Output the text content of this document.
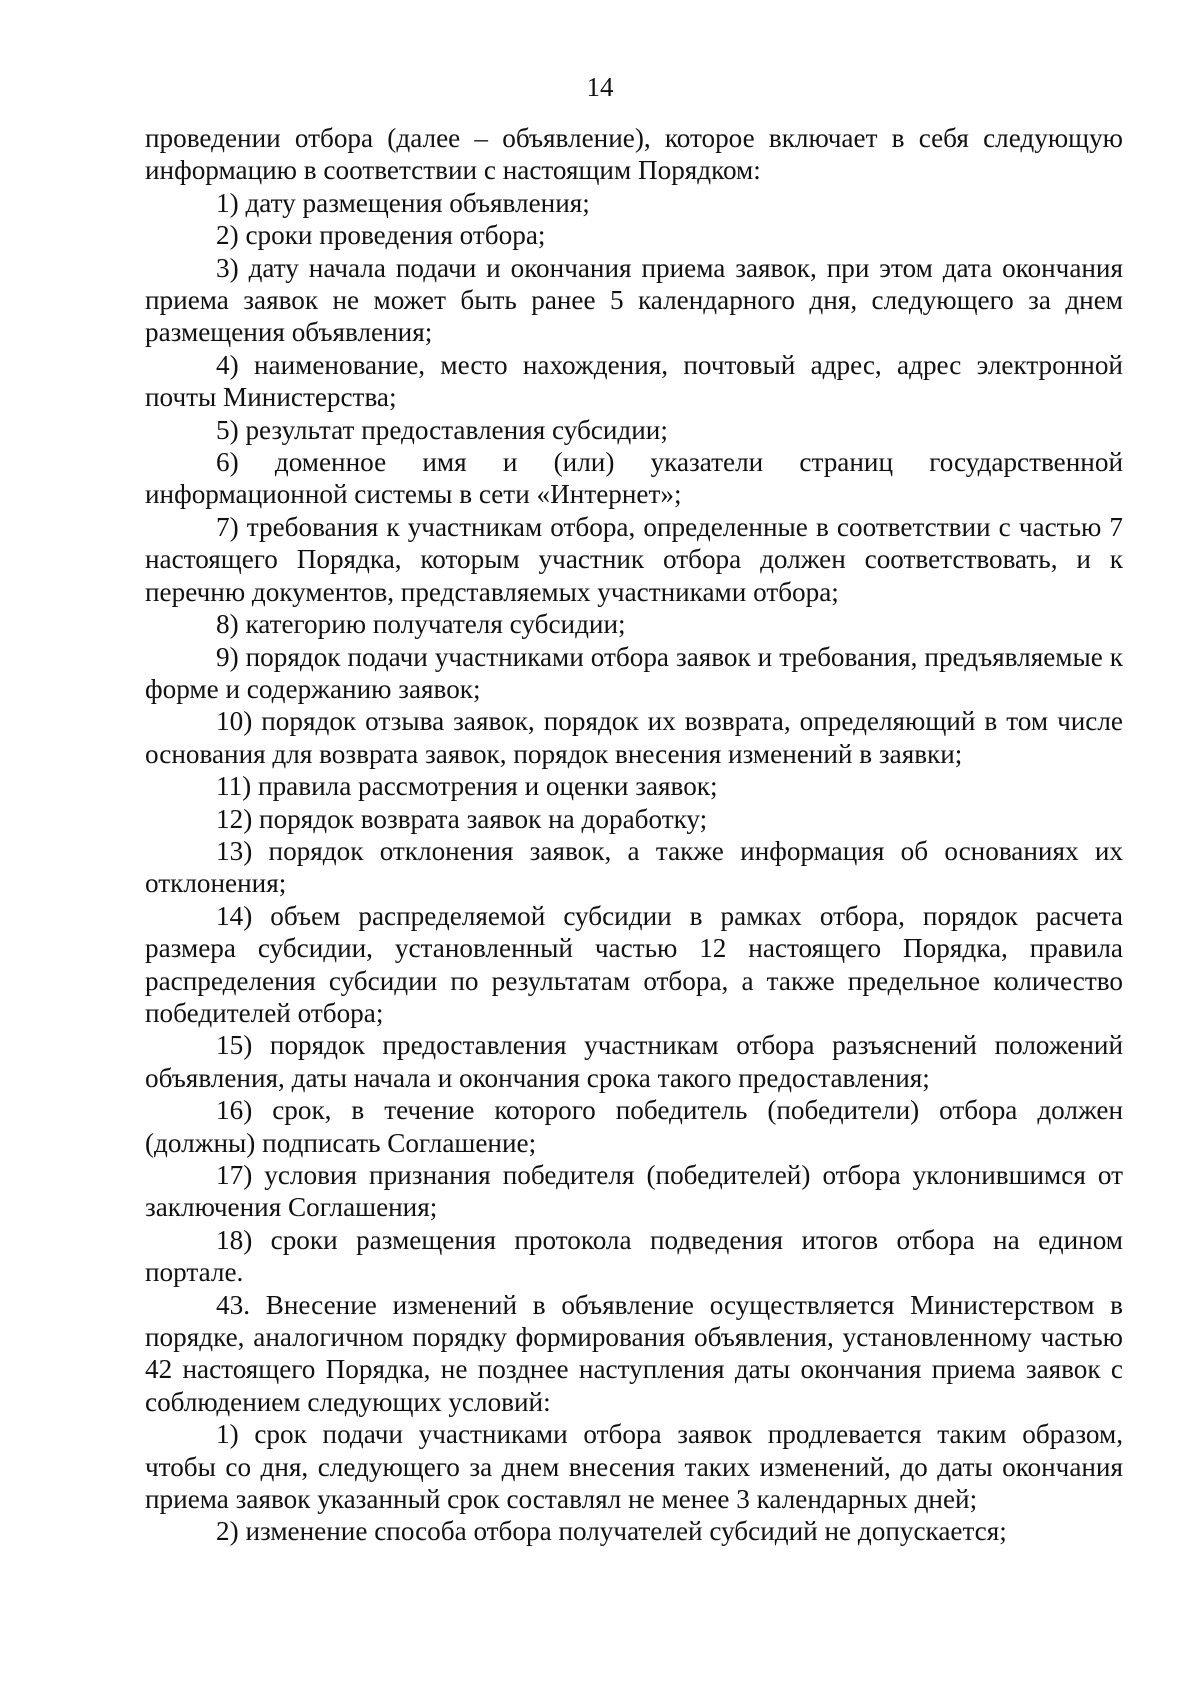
14

проведении отбора (далее – объявление), которое включает в себя следующую информацию в соответствии с настоящим Порядком:

1) дату размещения объявления;

2) сроки проведения отбора;

3) дату начала подачи и окончания приема заявок, при этом дата окончания приема заявок не может быть ранее 5 календарного дня, следующего за днем размещения объявления;

4) наименование, место нахождения, почтовый адрес, адрес электронной почты Министерства;

5) результат предоставления субсидии;

6) доменное имя и (или) указатели страниц государственной информационной системы в сети «Интернет»;

7) требования к участникам отбора, определенные в соответствии с частью 7 настоящего Порядка, которым участник отбора должен соответствовать, и к перечню документов, представляемых участниками отбора;

8) категорию получателя субсидии;

9) порядок подачи участниками отбора заявок и требования, предъявляемые к форме и содержанию заявок;

10) порядок отзыва заявок, порядок их возврата, определяющий в том числе основания для возврата заявок, порядок внесения изменений в заявки;

11) правила рассмотрения и оценки заявок;

12) порядок возврата заявок на доработку;

13) порядок отклонения заявок, а также информация об основаниях их отклонения;

14) объем распределяемой субсидии в рамках отбора, порядок расчета размера субсидии, установленный частью 12 настоящего Порядка, правила распределения субсидии по результатам отбора, а также предельное количество победителей отбора;

15) порядок предоставления участникам отбора разъяснений положений объявления, даты начала и окончания срока такого предоставления;

16) срок, в течение которого победитель (победители) отбора должен (должны) подписать Соглашение;

17) условия признания победителя (победителей) отбора уклонившимся от заключения Соглашения;

18) сроки размещения протокола подведения итогов отбора на едином портале.

43. Внесение изменений в объявление осуществляется Министерством в порядке, аналогичном порядку формирования объявления, установленному частью 42 настоящего Порядка, не позднее наступления даты окончания приема заявок с соблюдением следующих условий:

1) срок подачи участниками отбора заявок продлевается таким образом, чтобы со дня, следующего за днем внесения таких изменений, до даты окончания приема заявок указанный срок составлял не менее 3 календарных дней;

2) изменение способа отбора получателей субсидий не допускается;
